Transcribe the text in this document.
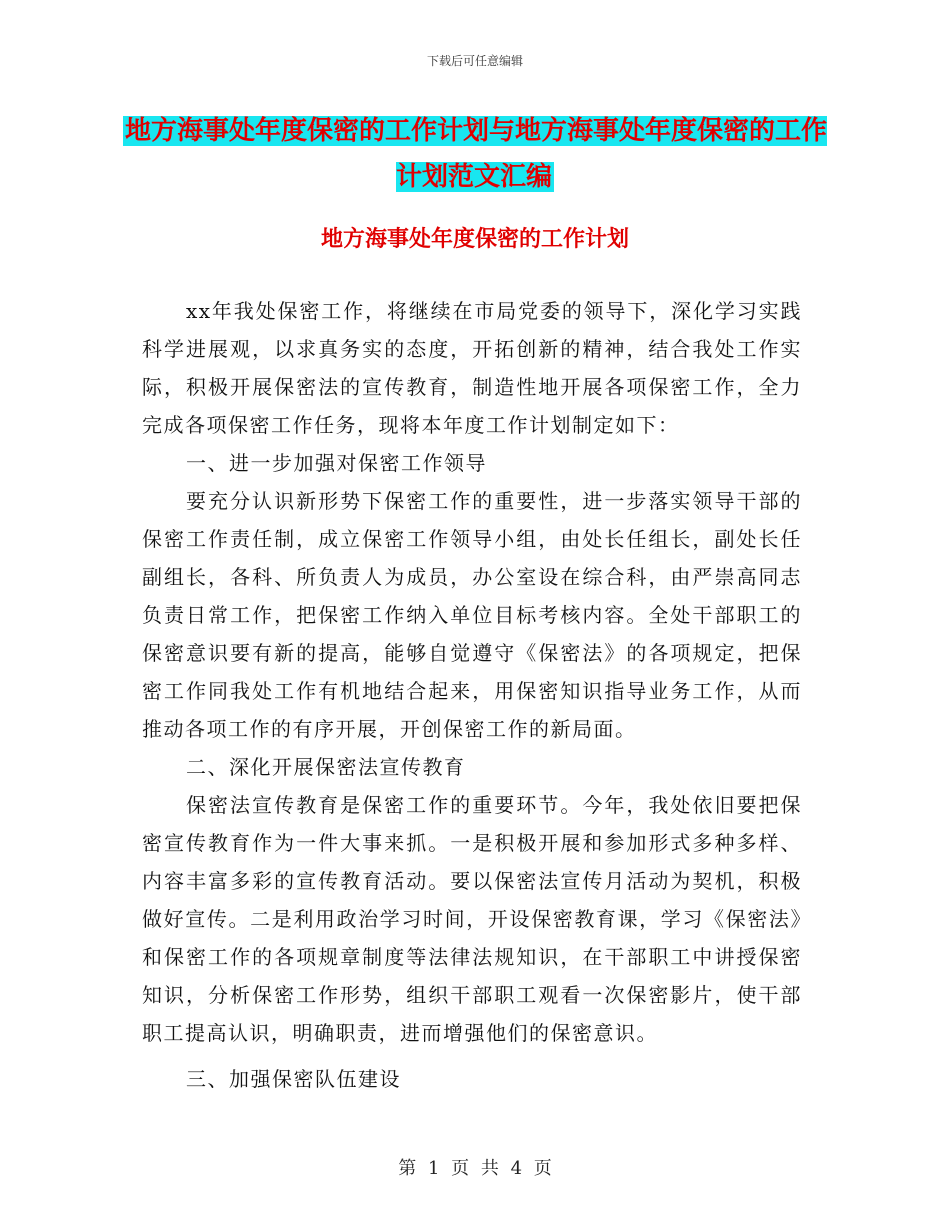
下载后可任意编辑
地方海事处年度保密的工作计划与地方海事处年度保密的工作计划范文汇编
地方海事处年度保密的工作计划

xx年我处保密工作，将继续在市局党委的领导下，深化学习实践科学进展观，以求真务实的态度，开拓创新的精神，结合我处工作实际，积极开展保密法的宣传教育，制造性地开展各项保密工作，全力完成各项保密工作任务，现将本年度工作计划制定如下：

一、进一步加强对保密工作领导

要充分认识新形势下保密工作的重要性，进一步落实领导干部的保密工作责任制，成立保密工作领导小组，由处长任组长，副处长任副组长，各科、所负责人为成员，办公室设在综合科，由严崇高同志负责日常工作，把保密工作纳入单位目标考核内容。全处干部职工的保密意识要有新的提高，能够自觉遵守《保密法》的各项规定，把保密工作同我处工作有机地结合起来，用保密知识指导业务工作，从而推动各项工作的有序开展，开创保密工作的新局面。

二、深化开展保密法宣传教育

保密法宣传教育是保密工作的重要环节。今年，我处依旧要把保密宣传教育作为一件大事来抓。一是积极开展和参加形式多种多样、内容丰富多彩的宣传教育活动。要以保密法宣传月活动为契机，积极做好宣传。二是利用政治学习时间，开设保密教育课，学习《保密法》和保密工作的各项规章制度等法律法规知识，在干部职工中讲授保密知识，分析保密工作形势，组织干部职工观看一次保密影片，使干部职工提高认识，明确职责，进而增强他们的保密意识。

三、加强保密队伍建设

第 1 页 共 4 页
